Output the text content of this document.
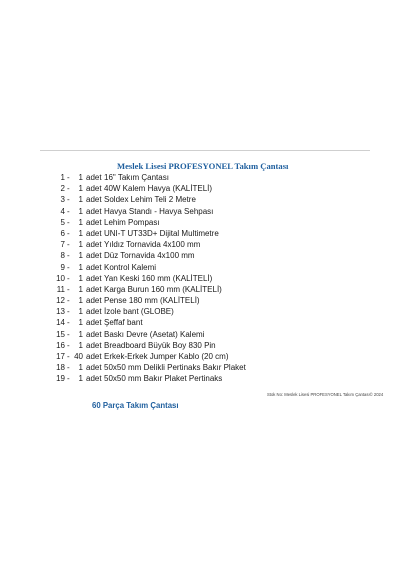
Meslek Lisesi PROFESYONEL Takım Çantası
1 -	1 adet 16" Takım Çantası
2 -	1 adet 40W Kalem Havya (KALİTELİ)
3 -	1 adet Soldex Lehim Teli 2 Metre
4 -	1 adet Havya Standı - Havya Sehpası
5 -	1 adet Lehim Pompası
6 -	1 adet UNI-T UT33D+ Dijital Multimetre
7 -	1 adet Yıldız Tornavida 4x100 mm
8 -	1 adet Düz Tornavida 4x100 mm
9 -	1 adet Kontrol Kalemi
10 -	1 adet Yan Keski 160 mm (KALİTELİ)
11 -	1 adet Karga Burun 160 mm (KALİTELİ)
12 -	1 adet Pense 180 mm (KALİTELİ)
13 -	1 adet İzole bant (GLOBE)
14 -	1 adet Şeffaf bant
15 -	1 adet Baskı Devre (Asetat) Kalemi
16 -	1 adet Breadboard Büyük Boy 830 Pin
17 - 40 adet Erkek-Erkek Jumper Kablo (20 cm)
18 -	1 adet 50x50 mm Delikli Pertinaks Bakır Plaket
19 -	1 adet 50x50 mm Bakır Plaket Pertinaks
Stok No: Meslek Lisesi PROFESYONEL Takım Çantası© 2024
60 Parça Takım Çantası
